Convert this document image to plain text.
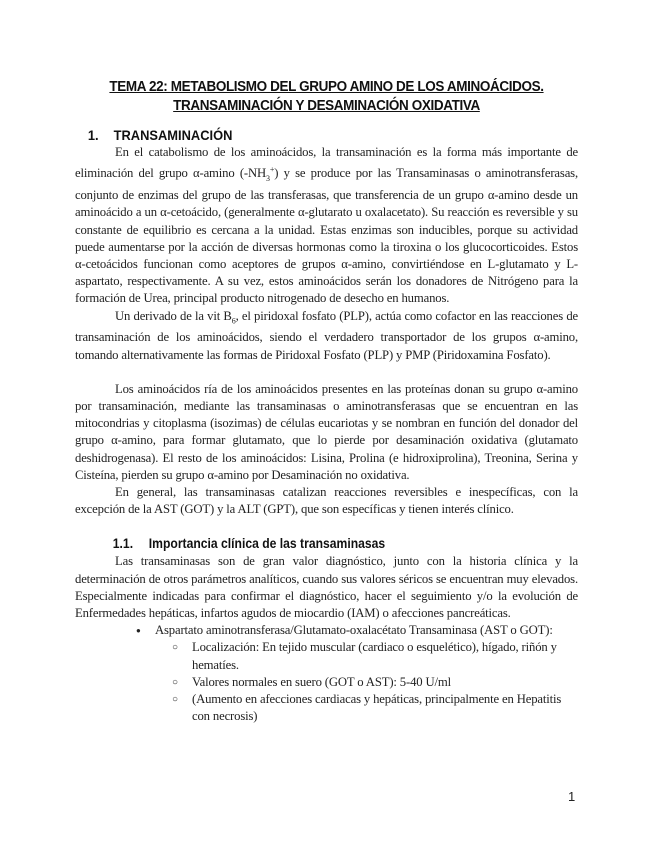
TEMA 22: METABOLISMO DEL GRUPO AMINO DE LOS AMINOÁCIDOS.
TRANSAMINACIÓN Y DESAMINACIÓN OXIDATIVA
1. TRANSAMINACIÓN

En el catabolismo de los aminoácidos, la transaminación es la forma más importante de eliminación del grupo α-amino $(-NH_3^+)$ y se produce por las Transaminasas o aminotransferasas, conjunto de enzimas del grupo de las transferasas, que transferencia de un grupo α-amino desde un aminoácido a un α-cetoácido, (generalmente α-glutarato u oxalacetato). Su reacción es reversible y su constante de equilibrio es cercana a la unidad. Estas enzimas son inducibles, porque su actividad puede aumentarse por la acción de diversas hormonas como la tiroxina o los glucocorticoides. Estos α-cetoácidos funcionan como aceptores de grupos α-amino, convirtiéndose en L-glutamato y L-aspartato, respectivamente. A su vez, estos aminoácidos serán los donadores de Nitrógeno para la formación de Urea, principal producto nitrogenado de desecho en humanos.

Un derivado de la vit $B_6$, el piridoxal fosfato (PLP), actúa como cofactor en las reacciones de transaminación de los aminoácidos, siendo el verdadero transportador de los grupos α-amino, tomando alternativamente las formas de Piridoxal Fosfato (PLP) y PMP (Piridoxamina Fosfato).

Los aminoácidos ría de los aminoácidos presentes en las proteínas donan su grupo α-amino por transaminación, mediante las transaminasas o aminotransferasas que se encuentran en las mitocondrias y citoplasma (isozimas) de células eucariotas y se nombran en función del donador del grupo α-amino, para formar glutamato, que lo pierde por desaminación oxidativa (glutamato deshidrogenasa). El resto de los aminoácidos: Lisina, Prolina (e hidroxiprolina), Treonina, Serina y Cisteína, pierden su grupo α-amino por Desaminación no oxidativa.

En general, las transaminasas catalizan reacciones reversibles e inespecíficas, con la excepción de la AST (GOT) y la ALT (GPT), que son específicas y tienen interés clínico.

1.1. Importancia clínica de las transaminasas

Las transaminasas son de gran valor diagnóstico, junto con la historia clínica y la determinación de otros parámetros analíticos, cuando sus valores séricos se encuentran muy elevados. Especialmente indicadas para confirmar el diagnóstico, hacer el seguimiento y/o la evolución de Enfermedades hepáticas, infartos agudos de miocardio (IAM) o afecciones pancreáticas.

● Aspartato aminotransferasa/Glutamato-oxalacétato Transaminasa (AST o GOT):
○ Localización: En tejido muscular (cardiaco o esquelético), hígado, riñón y hematíes.
○ Valores normales en suero (GOT o AST): 5-40 U/ml
○ (Aumento en afecciones cardiacas y hepáticas, principalmente en Hepatitis con necrosis)
1
